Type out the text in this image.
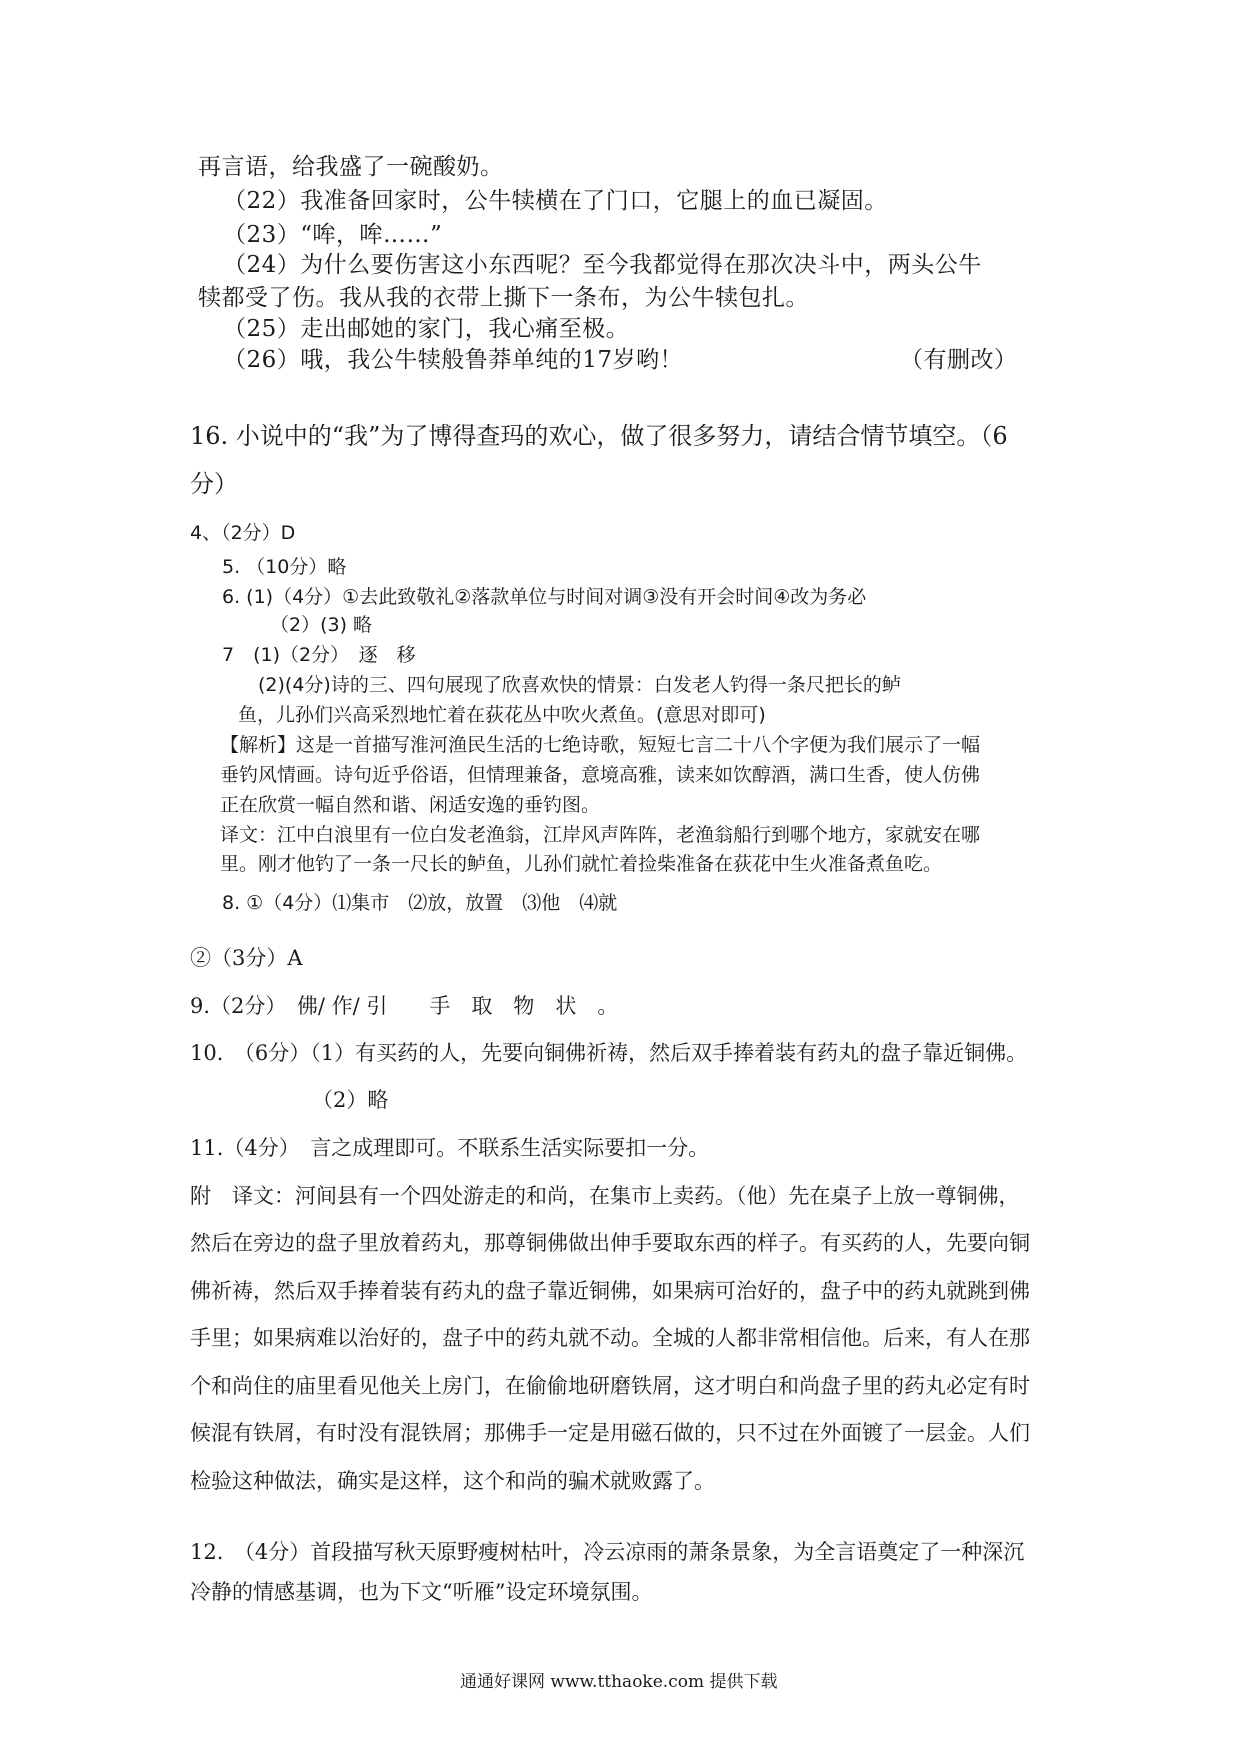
再言语，给我盛了一碗酸奶。
（22）我准备回家时，公牛犊横在了门口，它腿上的血已凝固。
（23）“哞，哞……”
（24）为什么要伤害这小东西呢？至今我都觉得在那次决斗中，两头公牛
犊都受了伤。我从我的衣带上撕下一条布，为公牛犊包扎。
（25）走出邮她的家门，我心痛至极。
（26）哦，我公牛犊般鲁莽单纯的17岁哟！	（有删改）
16. 小说中的“我”为了博得查玛的欢心，做了很多努力，请结合情节填空。（6
分）
4、（2分）D
5. （10分）略
6. (1)（4分）①去此致敬礼②落款单位与时间对调③没有开会时间④改为务必
（2）(3) 略
7　(1)（2分）　逐　移
(2)(4分)诗的三、四句展现了欣喜欢快的情景：白发老人钓得一条尺把长的鲈
鱼，儿孙们兴高采烈地忙着在荻花丛中吹火煮鱼。(意思对即可)
【解析】这是一首描写淮河渔民生活的七绝诗歌，短短七言二十八个字便为我们展示了一幅
垂钓风情画。诗句近乎俗语，但情理兼备，意境高雅，读来如饮醇酒，满口生香，使人仿佛
正在欣赏一幅自然和谐、闲适安逸的垂钓图。
译文：江中白浪里有一位白发老渔翁，江岸风声阵阵，老渔翁船行到哪个地方，家就安在哪
里。刚才他钓了一条一尺长的鲈鱼，儿孙们就忙着捡柴准备在荻花中生火准备煮鱼吃。
8. ①（4分）⑴集市　⑵放，放置　⑶他　⑷就
②（3分）A
9.（2分）　佛/ 作/ 引　　手　取　物　状　。
10.　（6分）（1）有买药的人，先要向铜佛祈祷，然后双手捧着装有药丸的盘子靠近铜佛。
（2）略
11.（4分）　言之成理即可。不联系生活实际要扣一分。
附　译文：河间县有一个四处游走的和尚，在集市上卖药。（他）先在桌子上放一尊铜佛，
然后在旁边的盘子里放着药丸，那尊铜佛做出伸手要取东西的样子。有买药的人，先要向铜
佛祈祷，然后双手捧着装有药丸的盘子靠近铜佛，如果病可治好的，盘子中的药丸就跳到佛
手里；如果病难以治好的，盘子中的药丸就不动。全城的人都非常相信他。后来，有人在那
个和尚住的庙里看见他关上房门，在偷偷地研磨铁屑，这才明白和尚盘子里的药丸必定有时
候混有铁屑，有时没有混铁屑；那佛手一定是用磁石做的，只不过在外面镀了一层金。人们
检验这种做法，确实是这样，这个和尚的骗术就败露了。
12.　（4分）首段描写秋天原野瘦树枯叶，冷云凉雨的萧条景象，为全言语奠定了一种深沉
冷静的情感基调，也为下文“听雁”设定环境氛围。
通通好课网 www.tthaoke.com 提供下载
